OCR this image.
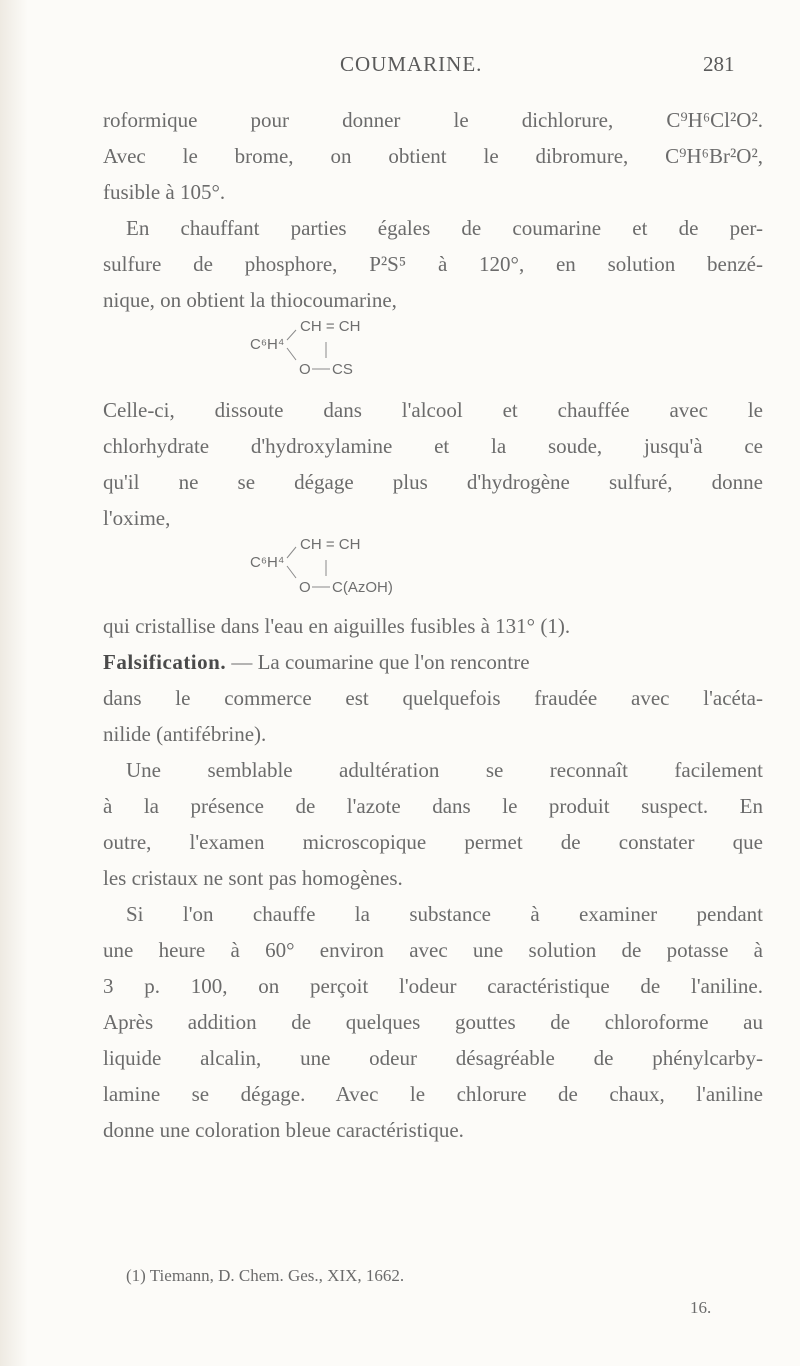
COUMARINE.	281
roformique pour donner le dichlorure, C⁹H⁶Cl²O².
Avec le brome, on obtient le dibromure, C⁹H⁶Br²O²,
fusible à 105°.
En chauffant parties égales de coumarine et de per-
sulfure de phosphore, P²S⁵ à 120°, en solution benzé-
nique, on obtient la thiocoumarine,
C⁶H⁴
CH = CH
O CS
Celle-ci, dissoute dans l'alcool et chauffée avec le
chlorhydrate d'hydroxylamine et la soude, jusqu'à ce
qu'il ne se dégage plus d'hydrogène sulfuré, donne
l'oxime,
C⁶H⁴
CH = CH
O C(AzOH)
qui cristallise dans l'eau en aiguilles fusibles à 131° (1).
Falsification. — La coumarine que l'on rencontre
dans le commerce est quelquefois fraudée avec l'acéta-
nilide (antifébrine).
Une semblable adultération se reconnaît facilement
à la présence de l'azote dans le produit suspect. En
outre, l'examen microscopique permet de constater que
les cristaux ne sont pas homogènes.
Si l'on chauffe la substance à examiner pendant
une heure à 60° environ avec une solution de potasse à
3 p. 100, on perçoit l'odeur caractéristique de l'aniline.
Après addition de quelques gouttes de chloroforme au
liquide alcalin, une odeur désagréable de phénylcarby-
lamine se dégage. Avec le chlorure de chaux, l'aniline
donne une coloration bleue caractéristique.
(1) Tiemann, D. Chem. Ges., XIX, 1662.
16.
